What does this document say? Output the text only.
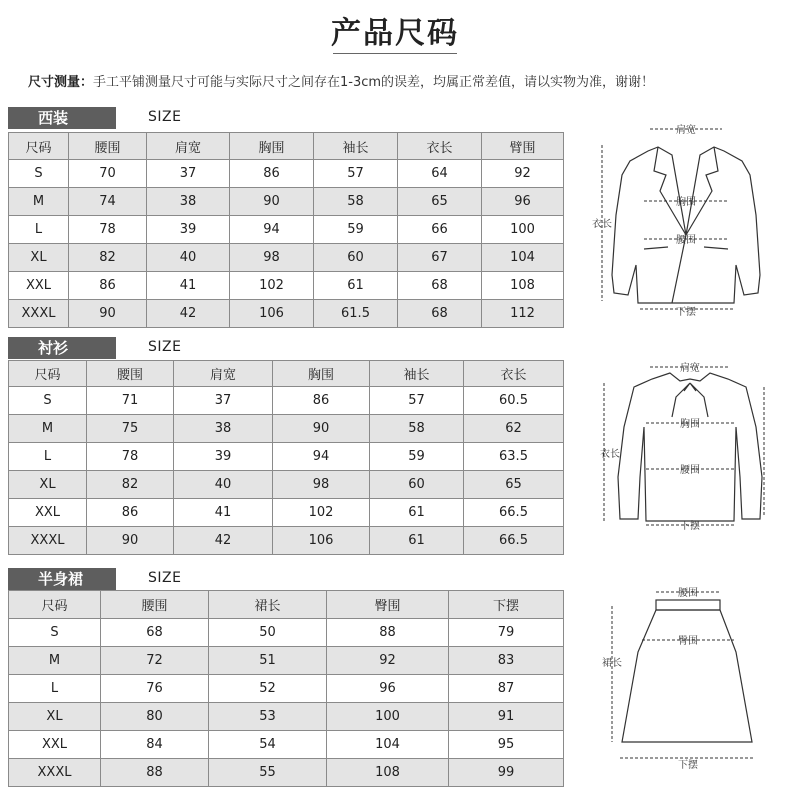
产品尺码
尺寸测量：手工平铺测量尺寸可能与实际尺寸之间存在1-3cm的误差，均属正常差值，请以实物为准，谢谢！
西装	SIZE
尺码	腰围	肩宽	胸围	袖长	衣长	臂围
S	70	37	86	57	64	92
M	74	38	90	58	65	96
L	78	39	94	59	66	100
XL	82	40	98	60	67	104
XXL	86	41	102	61	68	108
XXXL	90	42	106	61.5	68	112
衬衫	SIZE
尺码	腰围	肩宽	胸围	袖长	衣长
S	71	37	86	57	60.5
M	75	38	90	58	62
L	78	39	94	59	63.5
XL	82	40	98	60	65
XXL	86	41	102	61	66.5
XXXL	90	42	106	61	66.5
半身裙	SIZE
尺码	腰围	裙长	臀围	下摆
S	68	50	88	79
M	72	51	92	83
L	76	52	96	87
XL	80	53	100	91
XXL	84	54	104	95
XXXL	88	55	108	99
肩宽
胸围
腰围
衣长
下摆
肩宽
胸围
腰围
衣长
下摆
腰围
臀围
裙长
下摆
